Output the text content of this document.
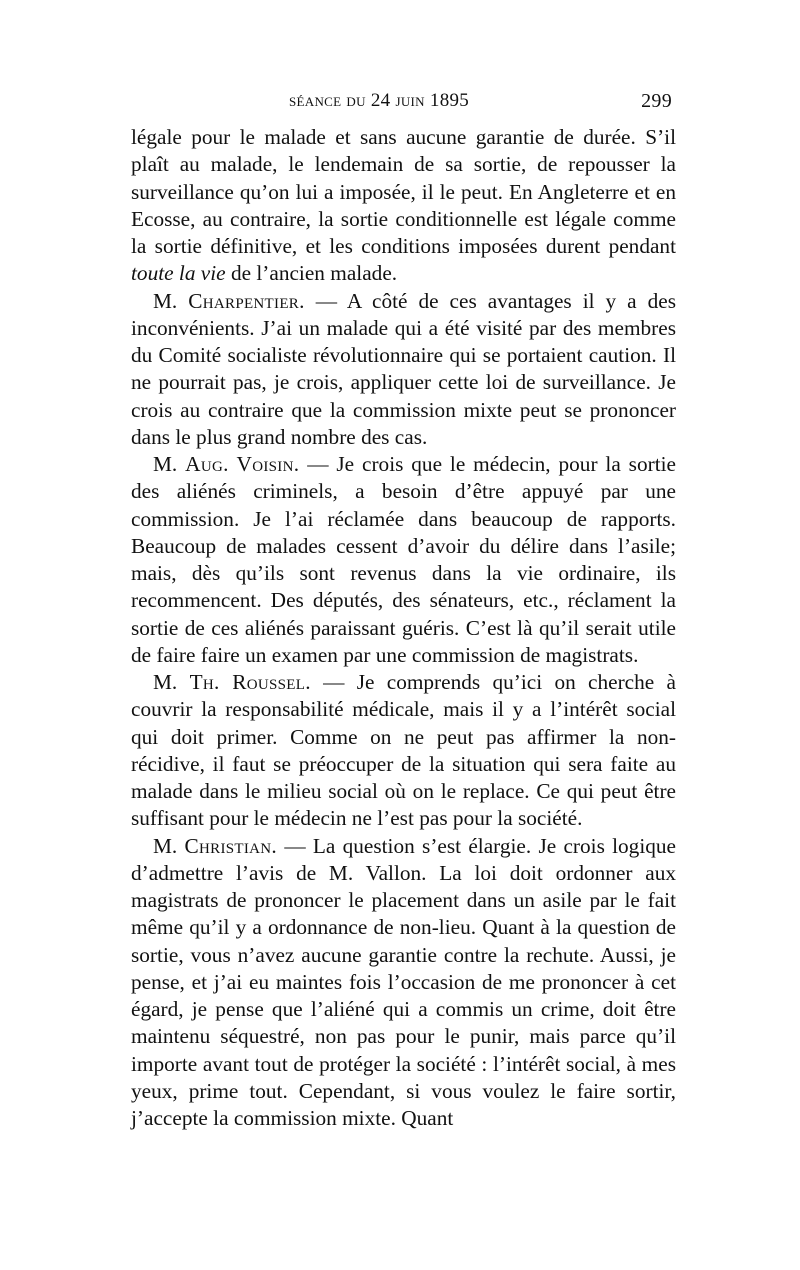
séance du 24 juin 1895	299

légale pour le malade et sans aucune garantie de durée. S’il plaît au malade, le lendemain de sa sortie, de repousser la surveillance qu’on lui a imposée, il le peut. En Angleterre et en Ecosse, au contraire, la sortie conditionnelle est légale comme la sortie définitive, et les conditions imposées durent pendant toute la vie de l’ancien malade.

M. Charpentier. — A côté de ces avantages il y a des inconvénients. J’ai un malade qui a été visité par des membres du Comité socialiste révolutionnaire qui se portaient caution. Il ne pourrait pas, je crois, appliquer cette loi de surveillance. Je crois au contraire que la commission mixte peut se prononcer dans le plus grand nombre des cas.

M. Aug. Voisin. — Je crois que le médecin, pour la sortie des aliénés criminels, a besoin d’être appuyé par une commission. Je l’ai réclamée dans beaucoup de rapports. Beaucoup de malades cessent d’avoir du délire dans l’asile; mais, dès qu’ils sont revenus dans la vie ordinaire, ils recommencent. Des députés, des sénateurs, etc., réclament la sortie de ces aliénés paraissant guéris. C’est là qu’il serait utile de faire faire un examen par une commission de magistrats.

M. Th. Roussel. — Je comprends qu’ici on cherche à couvrir la responsabilité médicale, mais il y a l’intérêt social qui doit primer. Comme on ne peut pas affirmer la non-récidive, il faut se préoccuper de la situation qui sera faite au malade dans le milieu social où on le replace. Ce qui peut être suffisant pour le médecin ne l’est pas pour la société.

M. Christian. — La question s’est élargie. Je crois logique d’admettre l’avis de M. Vallon. La loi doit ordonner aux magistrats de prononcer le placement dans un asile par le fait même qu’il y a ordonnance de non-lieu. Quant à la question de sortie, vous n’avez aucune garantie contre la rechute. Aussi, je pense, et j’ai eu maintes fois l’occasion de me prononcer à cet égard, je pense que l’aliéné qui a commis un crime, doit être maintenu séquestré, non pas pour le punir, mais parce qu’il importe avant tout de protéger la société : l’intérêt social, à mes yeux, prime tout. Cependant, si vous voulez le faire sortir, j’accepte la commission mixte. Quant
